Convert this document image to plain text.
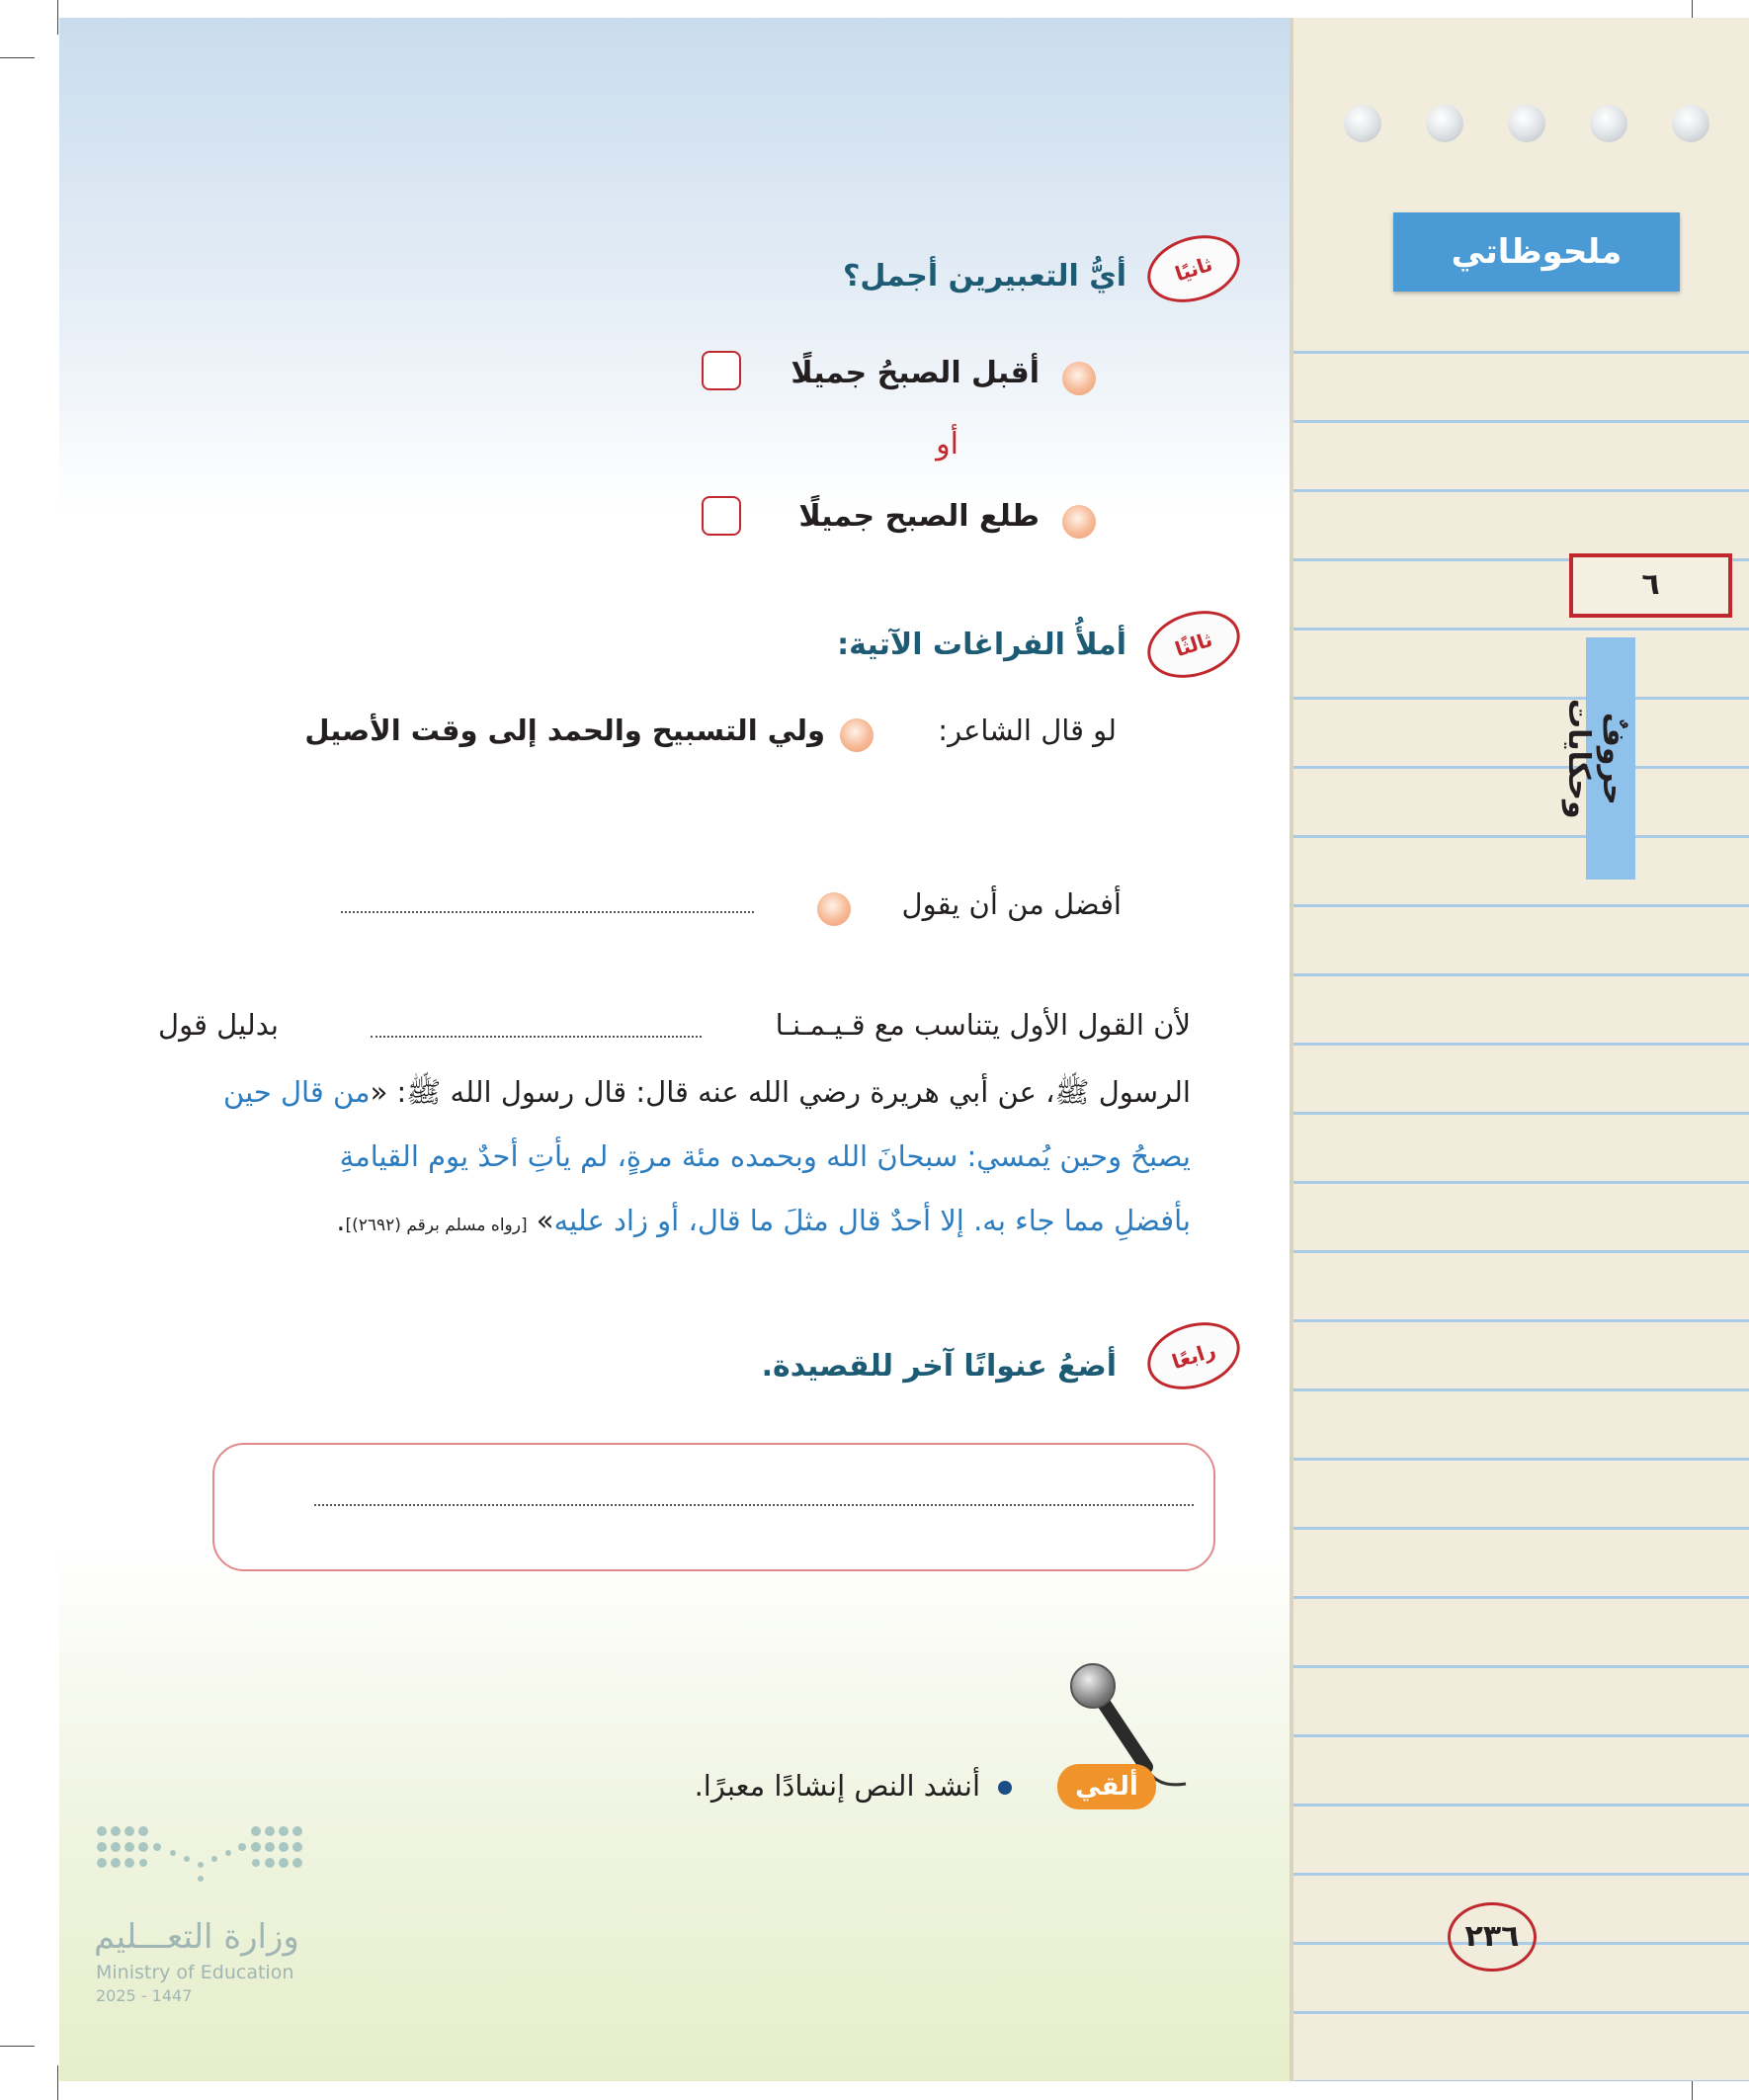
ملحوظاتي
٦
حروفٌ وحكايات
ثانيًا
أيُّ التعبيرين أجمل؟
أقبل الصبحُ جميلًا
أو
طلع الصبح جميلًا
ثالثًا
أملأُ الفراغات الآتية:
لو قال الشاعر:
ولي التسبيح والحمد إلى وقت الأصيل
أفضل من أن يقول
لأن القول الأول يتناسب مع قـيـمـنـا
بدليل قول
الرسول ﷺ، عن أبي هريرة رضي الله عنه قال: قال رسول الله ﷺ: «من قال حين
يصبحُ وحين يُمسي: سبحانَ الله وبحمده مئة مرةٍ، لم يأتِ أحدٌ يوم القيامةِ
بأفضلِ مما جاء به. إلا أحدٌ قال مثلَ ما قال، أو زاد عليه» [رواه مسلم برقم (٢٦٩٢)].
رابعًا
أضعُ عنوانًا آخر للقصيدة.
ألقي
أنشد النص إنشادًا معبرًا.
٢٣٦
وزارة التعـــليم
Ministry of Education
2025 - 1447
